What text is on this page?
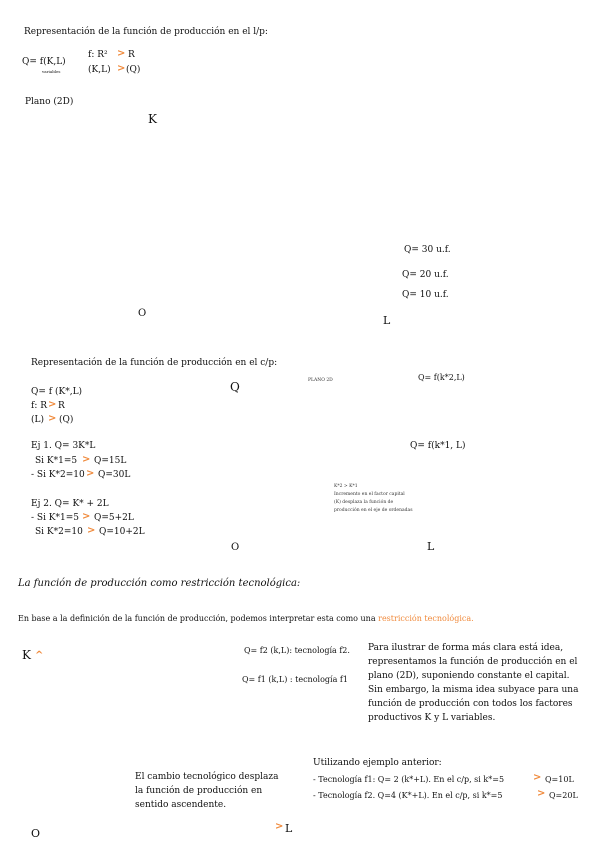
Representación de la función de producción en el l/p:
Q= f(K,L)
variables
f: R² > R
(K,L) > (Q)
Plano (2D)
K
Q= 30 u.f.
Q= 20 u.f.
Q= 10 u.f.
O
L
Representación de la función de producción en el c/p:
Q	PLANO 2D	Q= f(k*2,L)
Q= f (K*,L)
f: R > R
(L) > (Q)
Ej 1. Q= 3K*L	Q= f(k*1, L)
Si K*1=5 > Q=15L
- Si K*2=10 > Q=30L
K*2 > K*1
Incremento en el factor capital
(K) desplaza la función de
producción en el eje de ordenadas
Ej 2. Q= K* + 2L
- Si K*1=5 > Q=5+2L
Si K*2=10 > Q=10+2L
O	L
La función de producción como restricción tecnológica:
En base a la definición de la función de producción, podemos interpretar esta como una restricción tecnológica.
K ^	Q= f2 (k,L): tecnología f2.
Q= f1 (k,L) : tecnología f1
Para ilustrar de forma más clara está idea, representamos la función de producción en el plano (2D), suponiendo constante el capital. Sin embargo, la misma idea subyace para una función de producción con todos los factores productivos K y L variables.
Utilizando ejemplo anterior:
- Tecnología f1: Q= 2 (k*+L). En el c/p, si k*=5	> Q=10L
- Tecnología f2. Q=4 (K*+L). En el c/p, si k*=5	> Q=20L
El cambio tecnológico desplaza la función de producción en sentido ascendente.
O
> L
